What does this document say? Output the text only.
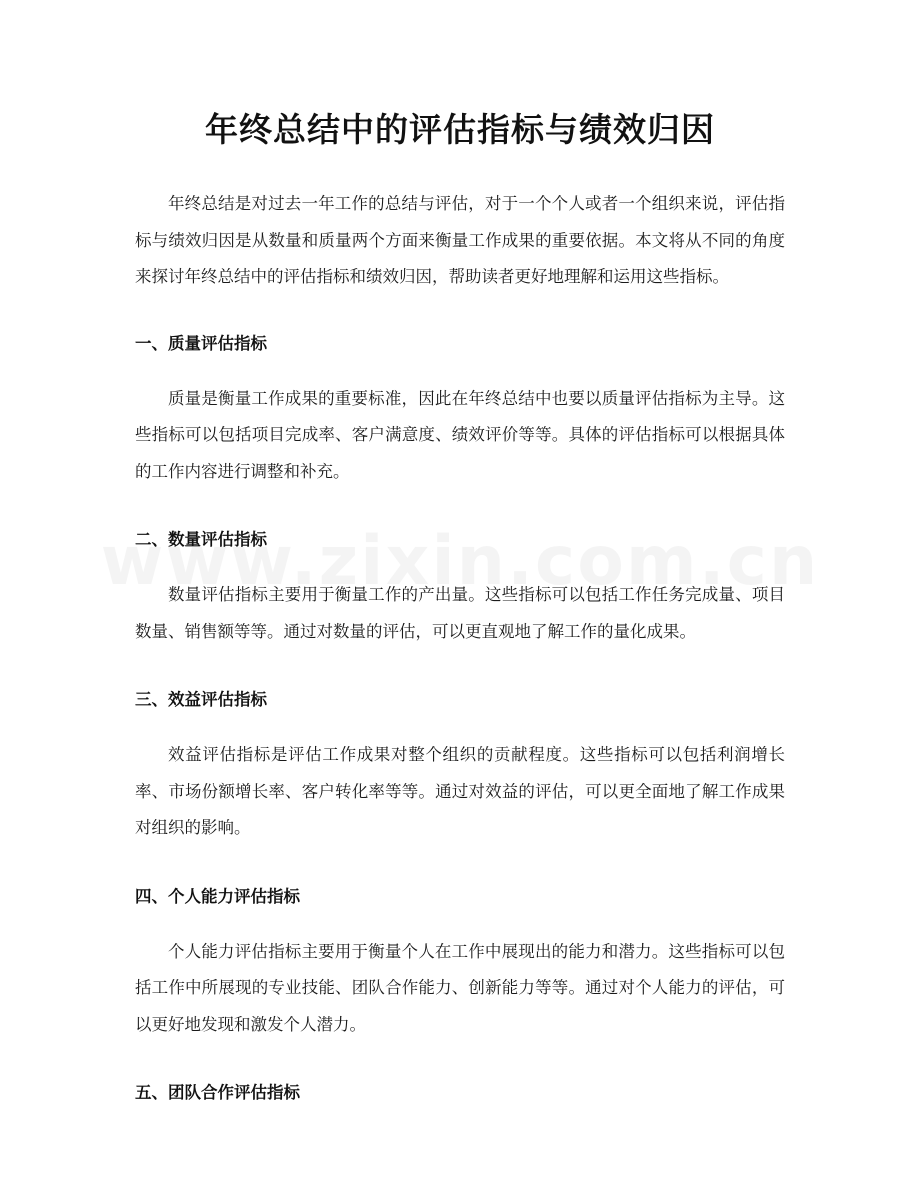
年终总结中的评估指标与绩效归因

年终总结是对过去一年工作的总结与评估，对于一个个人或者一个组织来说，评估指标与绩效归因是从数量和质量两个方面来衡量工作成果的重要依据。本文将从不同的角度来探讨年终总结中的评估指标和绩效归因，帮助读者更好地理解和运用这些指标。

一、质量评估指标

质量是衡量工作成果的重要标准，因此在年终总结中也要以质量评估指标为主导。这些指标可以包括项目完成率、客户满意度、绩效评价等等。具体的评估指标可以根据具体的工作内容进行调整和补充。

二、数量评估指标

数量评估指标主要用于衡量工作的产出量。这些指标可以包括工作任务完成量、项目数量、销售额等等。通过对数量的评估，可以更直观地了解工作的量化成果。

三、效益评估指标

效益评估指标是评估工作成果对整个组织的贡献程度。这些指标可以包括利润增长率、市场份额增长率、客户转化率等等。通过对效益的评估，可以更全面地了解工作成果对组织的影响。

四、个人能力评估指标

个人能力评估指标主要用于衡量个人在工作中展现出的能力和潜力。这些指标可以包括工作中所展现的专业技能、团队合作能力、创新能力等等。通过对个人能力的评估，可以更好地发现和激发个人潜力。

五、团队合作评估指标
